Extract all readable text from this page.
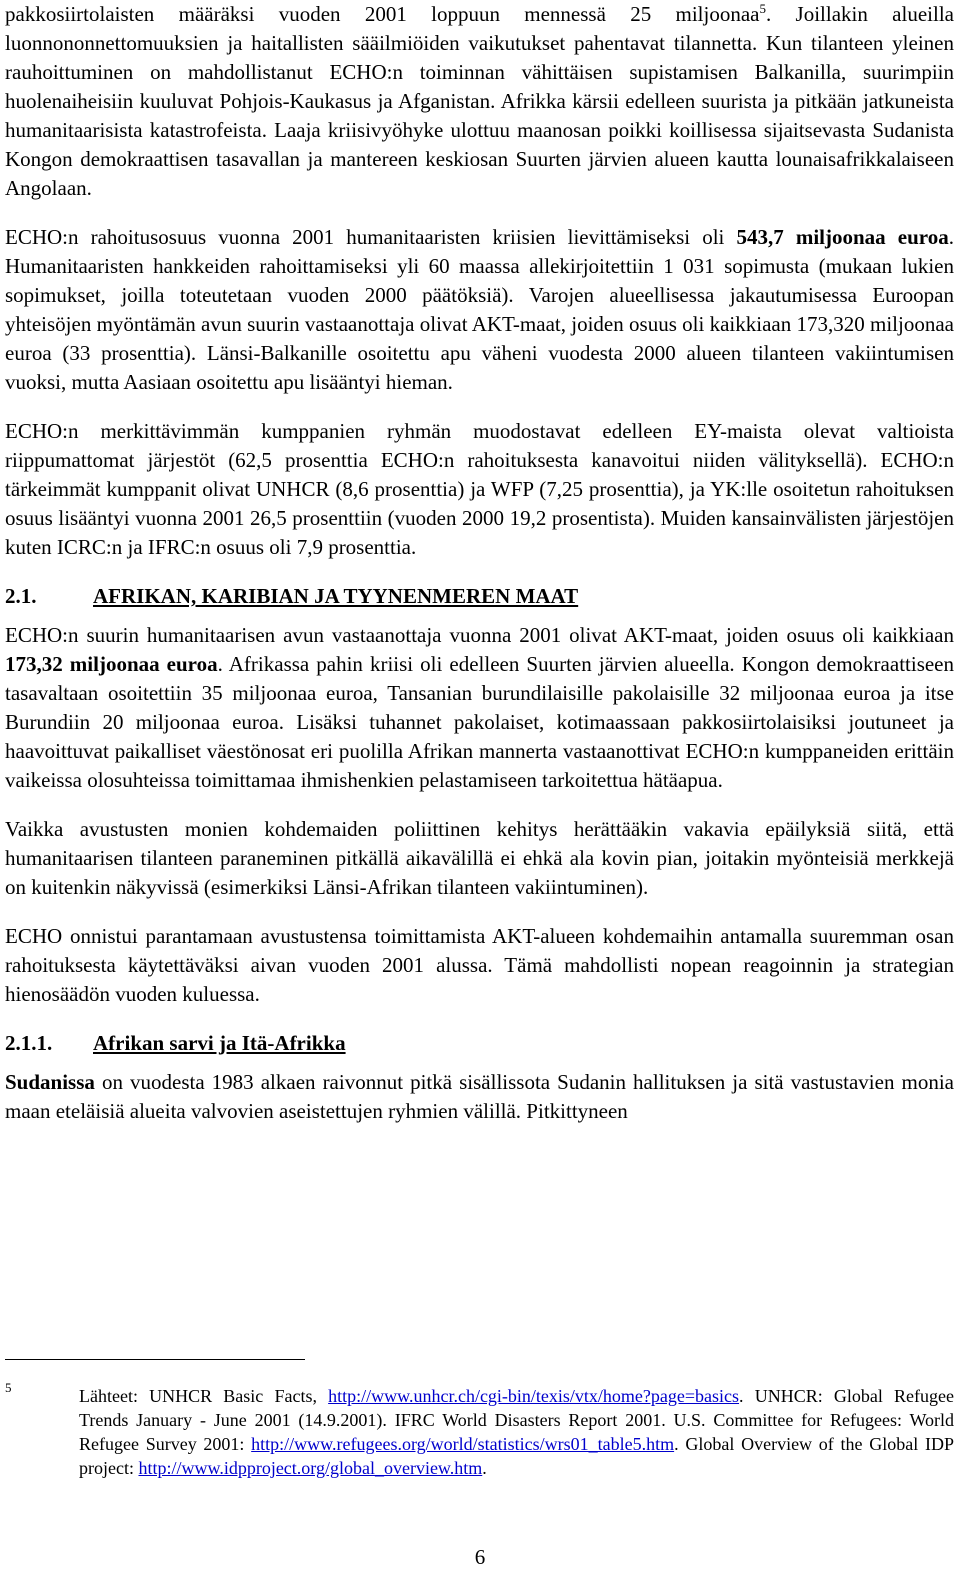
pakkosiirtolaisten määräksi vuoden 2001 loppuun mennessä 25 miljoonaa$^5$. Joillakin alueilla luonnononnettomuuksien ja haitallisten sääilmiöiden vaikutukset pahentavat tilannetta. Kun tilanteen yleinen rauhoittuminen on mahdollistanut ECHO:n toiminnan vähittäisen supistamisen Balkanilla, suurimpiin huolenaiheisiin kuuluvat Pohjois-Kaukasus ja Afganistan. Afrikka kärsii edelleen suurista ja pitkään jatkuneista humanitaarisista katastrofeista. Laaja kriisivyöhyke ulottuu maanosan poikki koillisessa sijaitsevasta Sudanista Kongon demokraattisen tasavallan ja mantereen keskiosan Suurten järvien alueen kautta lounaisafrikkalaiseen Angolaan.

ECHO:n rahoitusosuus vuonna 2001 humanitaaristen kriisien lievittämiseksi oli 543,7 miljoonaa euroa. Humanitaaristen hankkeiden rahoittamiseksi yli 60 maassa allekirjoitettiin 1 031 sopimusta (mukaan lukien sopimukset, joilla toteutetaan vuoden 2000 päätöksiä). Varojen alueellisessa jakautumisessa Euroopan yhteisöjen myöntämän avun suurin vastaanottaja olivat AKT-maat, joiden osuus oli kaikkiaan 173,320 miljoonaa euroa (33 prosenttia). Länsi-Balkanille osoitettu apu väheni vuodesta 2000 alueen tilanteen vakiintumisen vuoksi, mutta Aasiaan osoitettu apu lisääntyi hieman.

ECHO:n merkittävimmän kumppanien ryhmän muodostavat edelleen EY-maista olevat valtioista riippumattomat järjestöt (62,5 prosenttia ECHO:n rahoituksesta kanavoitui niiden välityksellä). ECHO:n tärkeimmät kumppanit olivat UNHCR (8,6 prosenttia) ja WFP (7,25 prosenttia), ja YK:lle osoitetun rahoituksen osuus lisääntyi vuonna 2001 26,5 prosenttiin (vuoden 2000 19,2 prosentista). Muiden kansainvälisten järjestöjen kuten ICRC:n ja IFRC:n osuus oli 7,9 prosenttia.

2.1.	AFRIKAN, KARIBIAN JA TYYNENMEREN MAAT

ECHO:n suurin humanitaarisen avun vastaanottaja vuonna 2001 olivat AKT-maat, joiden osuus oli kaikkiaan 173,32 miljoonaa euroa. Afrikassa pahin kriisi oli edelleen Suurten järvien alueella. Kongon demokraattiseen tasavaltaan osoitettiin 35 miljoonaa euroa, Tansanian burundilaisille pakolaisille 32 miljoonaa euroa ja itse Burundiin 20 miljoonaa euroa. Lisäksi tuhannet pakolaiset, kotimaassaan pakkosiirtolaisiksi joutuneet ja haavoittuvat paikalliset väestönosat eri puolilla Afrikan mannerta vastaanottivat ECHO:n kumppaneiden erittäin vaikeissa olosuhteissa toimittamaa ihmishenkien pelastamiseen tarkoitettua hätäapua.

Vaikka avustusten monien kohdemaiden poliittinen kehitys herättääkin vakavia epäilyksiä siitä, että humanitaarisen tilanteen paraneminen pitkällä aikavälillä ei ehkä ala kovin pian, joitakin myönteisiä merkkejä on kuitenkin näkyvissä (esimerkiksi Länsi-Afrikan tilanteen vakiintuminen).

ECHO onnistui parantamaan avustustensa toimittamista AKT-alueen kohdemaihin antamalla suuremman osan rahoituksesta käytettäväksi aivan vuoden 2001 alussa. Tämä mahdollisti nopean reagoinnin ja strategian hienosäädön vuoden kuluessa.

2.1.1. Afrikan sarvi ja Itä-Afrikka

Sudanissa on vuodesta 1983 alkaen raivonnut pitkä sisällissota Sudanin hallituksen ja sitä vastustavien monia maan eteläisiä alueita valvovien aseistettujen ryhmien välillä. Pitkittyneen

5	Lähteet: UNHCR Basic Facts, http://www.unhcr.ch/cgi-bin/texis/vtx/home?page=basics. UNHCR: Global Refugee Trends January - June 2001 (14.9.2001). IFRC World Disasters Report 2001. U.S. Committee for Refugees: World Refugee Survey 2001: http://www.refugees.org/world/statistics/wrs01_table5.htm. Global Overview of the Global IDP project: http://www.idpproject.org/global_overview.htm.
6
